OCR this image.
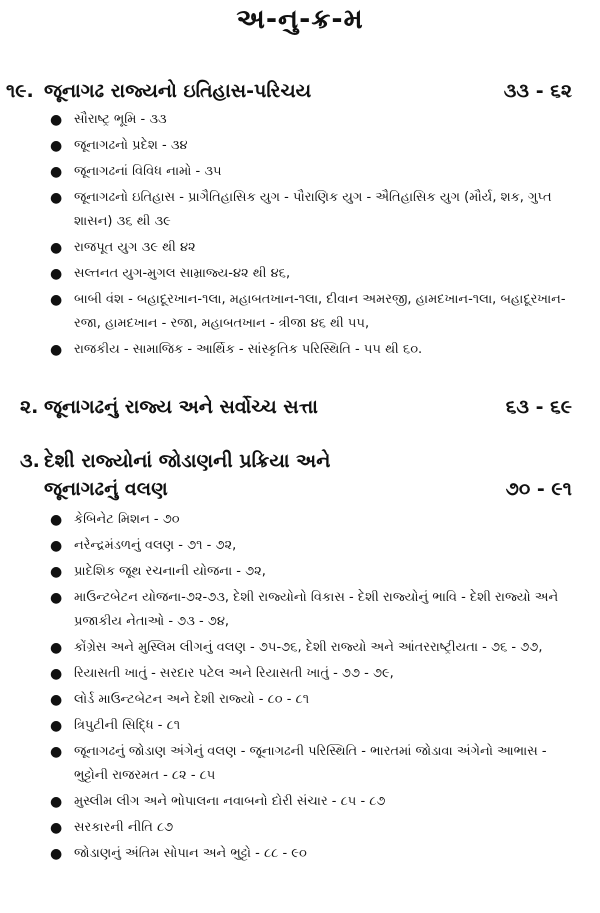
અ-નુ-ક્ર-મ
૧૯. જૂનાગઢ રાજ્યનો ઇતિહાસ-પરિચય	૩૩ - ૬૨
● સૌરાષ્ટ્ર ભૂમિ - ૩૩
● જૂનાગઢનો પ્રદેશ - ૩૪
● જૂનાગઢનાં વિવિધ નામો - ૩૫
● જૂનાગઢનો ઇતિહાસ - પ્રાગૈતિહાસિક યુગ - પૌરાણિક યુગ - ઐતિહાસિક યુગ (મૌર્ય, શક, ગુપ્ત શાસન) ૩૬ થી ૩૯
● રાજપૂત યુગ ૩૯ થી ૪૨
● સલ્તનત યુગ-મુગલ સામ્રાજ્ય-૪૨ થી ૪૬,
● બાબી વંશ - બહાદૂરખાન-૧લા, મહાબતખાન-૧લા, દીવાન અમરજી, હામદખાન-૧લા, બહાદૂરખાન-રજા, હામદખાન - રજા, મહાબતખાન - ત્રીજા ૪૬ થી ૫૫,
● રાજકીય - સામાજિક - આર્થિક - સાંસ્કૃતિક પરિસ્થિતિ - ૫૫ થી ૬૦.
૨. જૂનાગઢનું રાજ્ય અને સર્વોચ્ચ સત્તા	૬૩ - ૬૯
૩. દેશી રાજ્યોનાં જોડાણની પ્રક્રિયા અને
જૂનાગઢનું વલણ	૭૦ - ૯૧
● કેબિનેટ મિશન - ૭૦
● નરેન્દ્રમંડળનું વલણ - ૭૧ - ૭૨,
● પ્રાદેશિક જૂથ રચનાની યોજના - ૭૨,
● માઉન્ટબેટન યોજના-૭૨-૭૩, દેશી રાજ્યોનો વિકાસ - દેશી રાજ્યોનું ભાવિ - દેશી રાજ્યો અને પ્રજાકીય નેતાઓ - ૭૩ - ૭૪,
● કોંગ્રેસ અને મુસ્લિમ લીગનું વલણ - ૭૫-૭૬, દેશી રાજ્યો અને આંતરરાષ્ટ્રીયતા - ૭૬ - ૭૭,
● રિયાસતી ખાતું - સરદાર પટેલ અને રિયાસતી ખાતું - ૭૭ - ૭૯,
● લોર્ડ માઉન્ટબેટન અને દેશી રાજ્યો - ૮૦ - ૮૧
● ત્રિપુટીની સિદ્ધિ - ૮૧
● જૂનાગઢનું જોડાણ અંગેનું વલણ - જૂનાગઢની પરિસ્થિતિ - ભારતમાં જોડાવા અંગેનો આભાસ - ભુટ્ટોની રાજરમત - ૮૨ - ૮૫
● મુસ્લીમ લીગ અને ભોપાલના નવાબનો દોરી સંચાર - ૮૫ - ૮૭
● સરકારની નીતિ ૮૭
● જોડાણનું અંતિમ સોપાન અને ભુટ્ટો - ૮૮ - ૯૦
